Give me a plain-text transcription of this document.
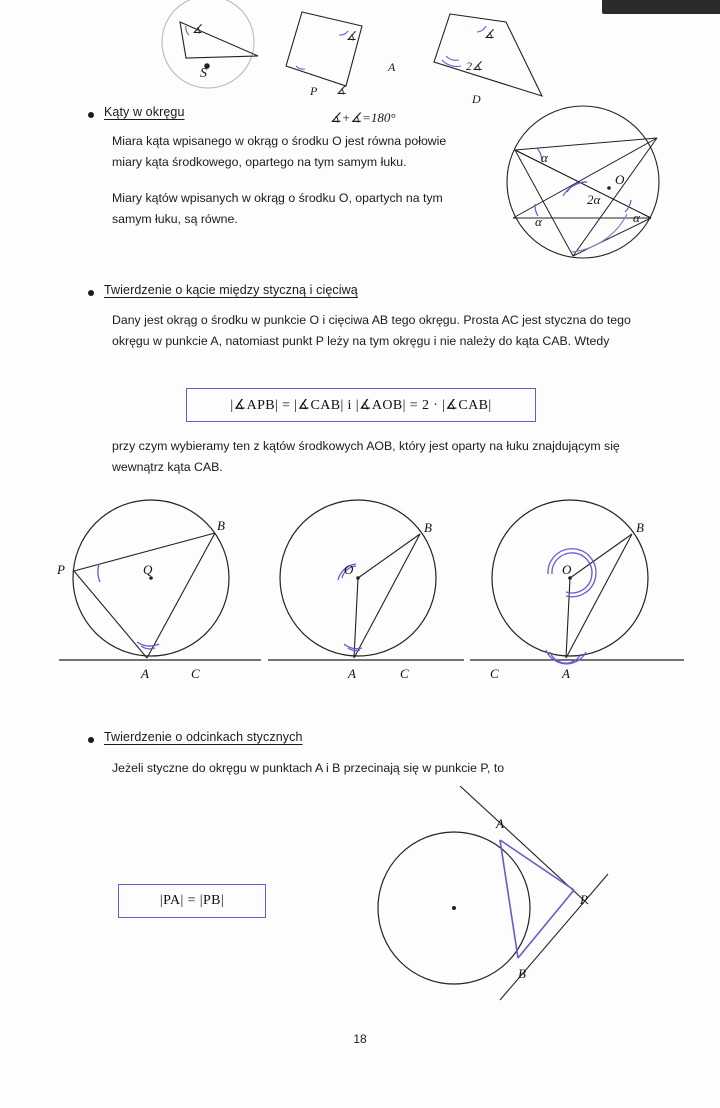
∡	∡
∡
∡
2∡
S	A
D
P
∡+∡=180°
Kąty w okręgu
Miara kąta wpisanego w okrąg o środku O jest równa połowie miary kąta środkowego, opartego na tym samym łuku.
Miary kątów wpisanych w okrąg o środku O, opartych na tym samym łuku, są równe.
α
α	α
2α
O
Twierdzenie o kącie między styczną i cięciwą
Dany jest okrąg o środku w punkcie O i cięciwa AB tego okręgu. Prosta AC jest styczna do tego okręgu w punkcie A, natomiast punkt P leży na tym okręgu i nie należy do kąta CAB. Wtedy
|∡APB| = |∡CAB| i |∡AOB| = 2 · |∡CAB|
przy czym wybieramy ten z kątów środkowych AOB, który jest oparty na łuku znajdującym się wewnątrz kąta CAB.
P	Q
B
A	C
O
B
A	C
O
B
C	A
Twierdzenie o odcinkach stycznych
Jeżeli styczne do okręgu w punktach A i B przecinają się w punkcie P, to
|PA| = |PB|
A
P
B
18
